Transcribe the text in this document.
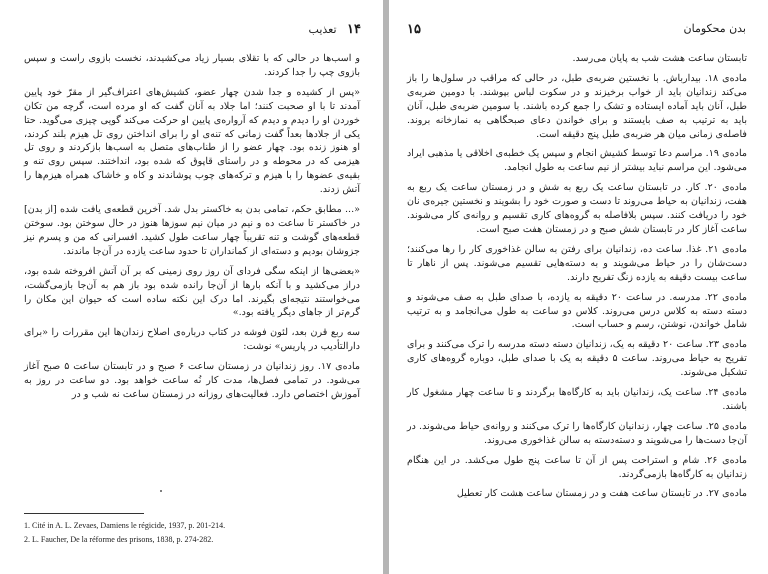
۱۴   تعذیب

و اسب‌ها در حالی که با تقلای بسیار زیاد می‌کشیدند، نخست بازوی راست و سپس بازوی چپ را جدا کردند.

«پس از کشیده و جدا شدن چهار عضو، کشیش‌های اعتراف‌گیر از مقرّ خود پایین آمدند تا با او صحبت کنند؛ اما جلاد به آنان گفت که او مرده است، گرچه من تکان خوردن او را دیدم و دیدم که آرواره‌ی پایین او حرکت می‌کند گویی چیزی می‌گوید. حتا یکی از جلادها بعداً گفت زمانی که تنه‌ی او را برای انداختن روی تل هیزم بلند کردند، او هنوز زنده بود. چهار عضو را از طناب‌های متصل به اسب‌ها بازکردند و روی تل هیزمی که در محوطه و در راستای قاپوق که شده بود، انداختند. سپس روی تنه و بقیه‌ی عضوها را با هیزم و ترکه‌های چوب پوشاندند و کاه و خاشاک همراه هیزم‌ها را آتش زدند.

«... مطابق حکم، تمامی بدن به خاکستر بدل شد. آخرین قطعه‌ی یافت شده [از بدن] در خاکستر تا ساعت ده و نیم در میان نیم سوزها هنوز در حال سوختن بود. سوختن قطعه‌های گوشت و تنه تقریباً چهار ساعت طول کشید. افسرانی که من و پسرم نیز جزوشان بودیم و دسته‌ای از کمانداران تا حدود ساعت یازده در آن‌جا ماندند.

«بعضی‌ها از اینکه سگی فردای آن روز روی زمینی که بر آن آتش افروخته شده بود، دراز می‌کشید و با آنکه بارها از آن‌جا رانده شده بود باز هم به آن‌جا بازمی‌گشت، می‌خواستند نتیجه‌ای بگیرند. اما درک این نکته ساده است که حیوان این مکان را گرم‌تر از جاهای دیگر یافته بود.»

سه ربع قرن بعد، لئون فوشه در کتاب درباره‌ی اصلاح زندان‌ها این مقررات را «برای دارالتأدیب در پاریس» نوشت:

ماده‌ی ۱۷. روز زندانیان در زمستان ساعت ۶ صبح و در تابستان ساعت ۵ صبح آغاز می‌شود. در تمامی فصل‌ها، مدت کار نُه ساعت خواهد بود. دو ساعت در روز به آموزش اختصاص دارد. فعالیت‌های روزانه در زمستان ساعت نه شب و در

1. Cité in A. L. Zevaes, Damiens le régicide, 1937, p. 201-214.
2. L. Faucher, De la réforme des prisons, 1838, p. 274-282.
بدن محکومان
۱۵

تابستان ساعت هشت شب به پایان می‌رسد.

ماده‌ی ۱۸. بیدارباش. با نخستین ضربه‌ی طبل، در حالی که مراقب در سلول‌ها را باز می‌کند زندانیان باید از خواب برخیزند و در سکوت لباس بپوشند. با دومین ضربه‌ی طبل، آنان باید آماده ایستاده و تشک را جمع کرده باشند. با سومین ضربه‌ی طبل، آنان باید به ترتیب به صف بایستند و برای خواندن دعای صبحگاهی به نمازخانه بروند. فاصله‌ی زمانی میان هر ضربه‌ی طبل پنج دقیقه است.

ماده‌ی ۱۹. مراسم دعا توسط کشیش انجام و سپس یک خطبه‌ی اخلاقی یا مذهبی ایراد می‌شود. این مراسم نباید بیشتر از نیم ساعت به طول انجامد.

ماده‌ی ۲۰. کار. در تابستان ساعت یک ربع به شش و در زمستان ساعت یک ربع به هفت، زندانیان به حیاط می‌روند تا دست و صورت خود را بشویند و نخستین جیره‌ی نان خود را دریافت کنند. سپس بلافاصله به گروه‌های کاری تقسیم و روانه‌ی کار می‌شوند. ساعت آغاز کار در تابستان شش صبح و در زمستان هفت صبح است.

ماده‌ی ۲۱. غذا. ساعت ده، زندانیان برای رفتن به سالن غذاخوری کار را رها می‌کنند؛ دست‌شان را در حیاط می‌شویند و به دسته‌هایی تقسیم می‌شوند. پس از ناهار تا ساعت بیست دقیقه به یازده زنگ تفریح دارند.

ماده‌ی ۲۲. مدرسه. در ساعت ۲۰ دقیقه به یازده، با صدای طبل به صف می‌شوند و دسته دسته به کلاس درس می‌روند. کلاس دو ساعت به طول می‌انجامد و به ترتیب شامل خواندن، نوشتن، رسم و حساب است.

ماده‌ی ۲۳. ساعت ۲۰ دقیقه به یک، زندانیان دسته دسته مدرسه را ترک می‌کنند و برای تفریح به حیاط می‌روند. ساعت ۵ دقیقه به یک با صدای طبل، دوباره گروه‌های کاری تشکیل می‌شوند.

ماده‌ی ۲۴. ساعت یک، زندانیان باید به کارگاه‌ها برگردند و تا ساعت چهار مشغول کار باشند.

ماده‌ی ۲۵. ساعت چهار، زندانیان کارگاه‌ها را ترک می‌کنند و روانه‌ی حیاط می‌شوند. در آن‌جا دست‌ها را می‌شویند و دسته‌دسته به سالن غذاخوری می‌روند.

ماده‌ی ۲۶. شام و استراحت پس از آن تا ساعت پنج طول می‌کشد. در این هنگام زندانیان به کارگاه‌ها بازمی‌گردند.

ماده‌ی ۲۷. در تابستان ساعت هفت و در زمستان ساعت هشت کار تعطیل
